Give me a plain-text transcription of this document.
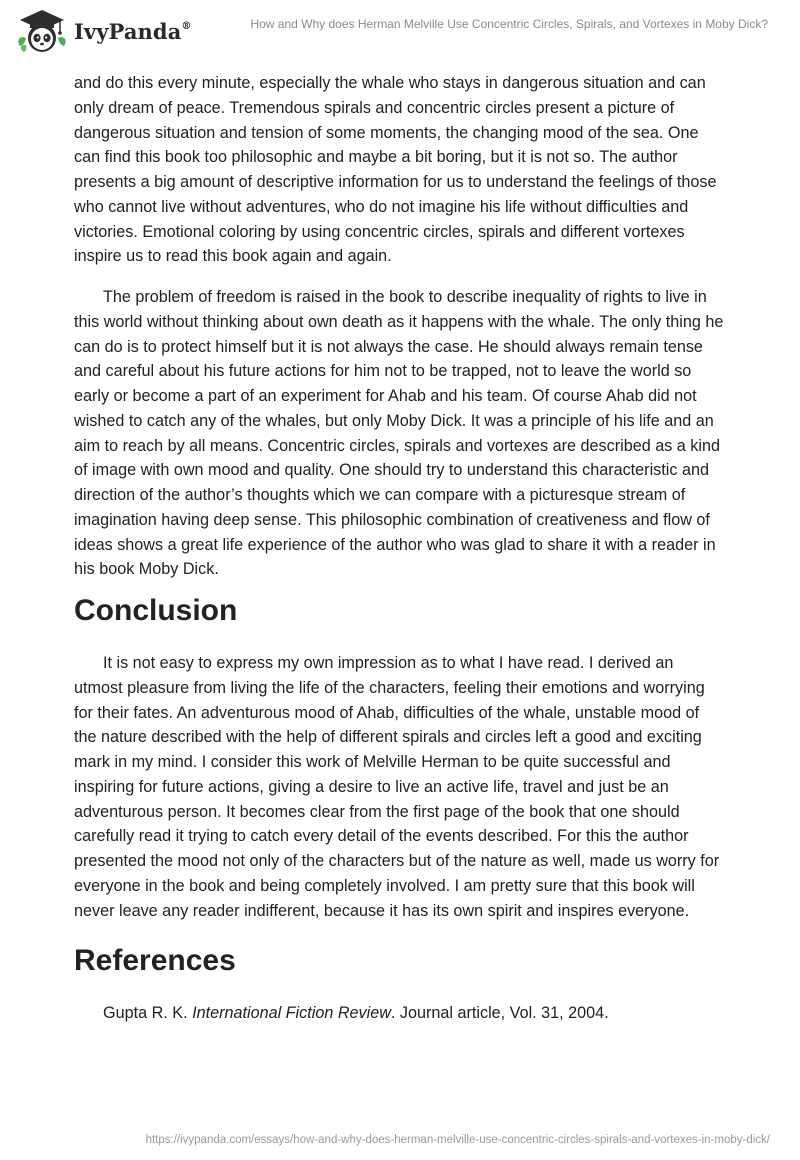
IvyPanda®	How and Why does Herman Melville Use Concentric Circles, Spirals, and Vortexes in Moby Dick?

and do this every minute, especially the whale who stays in dangerous situation and can only dream of peace. Tremendous spirals and concentric circles present a picture of dangerous situation and tension of some moments, the changing mood of the sea. One can find this book too philosophic and maybe a bit boring, but it is not so. The author presents a big amount of descriptive information for us to understand the feelings of those who cannot live without adventures, who do not imagine his life without difficulties and victories. Emotional coloring by using concentric circles, spirals and different vortexes inspire us to read this book again and again.

The problem of freedom is raised in the book to describe inequality of rights to live in this world without thinking about own death as it happens with the whale. The only thing he can do is to protect himself but it is not always the case. He should always remain tense and careful about his future actions for him not to be trapped, not to leave the world so early or become a part of an experiment for Ahab and his team. Of course Ahab did not wished to catch any of the whales, but only Moby Dick. It was a principle of his life and an aim to reach by all means. Concentric circles, spirals and vortexes are described as a kind of image with own mood and quality. One should try to understand this characteristic and direction of the author’s thoughts which we can compare with a picturesque stream of imagination having deep sense. This philosophic combination of creativeness and flow of ideas shows a great life experience of the author who was glad to share it with a reader in his book Moby Dick.

Conclusion

It is not easy to express my own impression as to what I have read. I derived an utmost pleasure from living the life of the characters, feeling their emotions and worrying for their fates. An adventurous mood of Ahab, difficulties of the whale, unstable mood of the nature described with the help of different spirals and circles left a good and exciting mark in my mind. I consider this work of Melville Herman to be quite successful and inspiring for future actions, giving a desire to live an active life, travel and just be an adventurous person. It becomes clear from the first page of the book that one should carefully read it trying to catch every detail of the events described. For this the author presented the mood not only of the characters but of the nature as well, made us worry for everyone in the book and being completely involved. I am pretty sure that this book will never leave any reader indifferent, because it has its own spirit and inspires everyone.

References

Gupta R. K. International Fiction Review. Journal article, Vol. 31, 2004.

https://ivypanda.com/essays/how-and-why-does-herman-melville-use-concentric-circles-spirals-and-vortexes-in-moby-dick/
